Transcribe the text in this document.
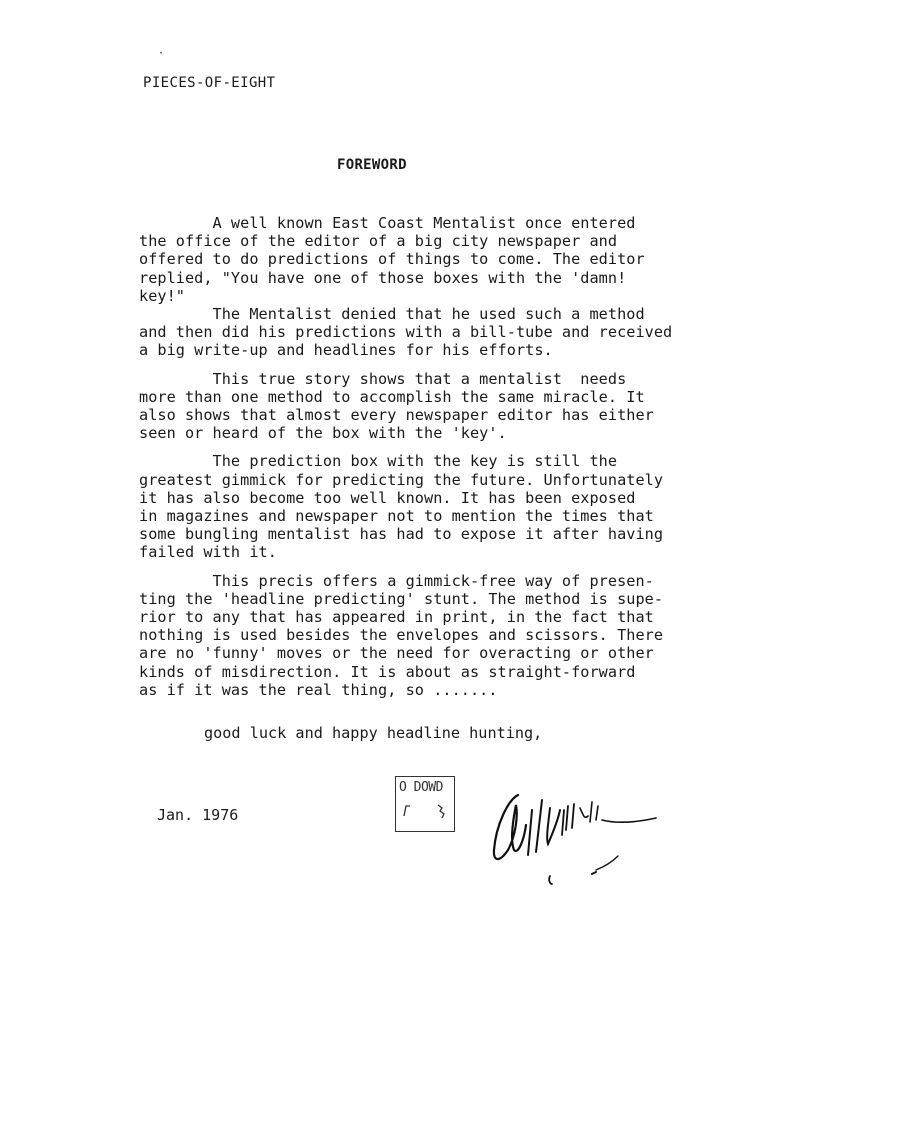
·
PIECES-OF-EIGHT
FOREWORD

A well known East Coast Mentalist once entered
the office of the editor of a big city newspaper and
offered to do predictions of things to come. The editor
replied, "You have one of those boxes with the 'damn!
key!"

The Mentalist denied that he used such a method
and then did his predictions with a bill-tube and received
a big write-up and headlines for his efforts.

This true story shows that a mentalist  needs
more than one method to accomplish the same miracle. It
also shows that almost every newspaper editor has either
seen or heard of the box with the 'key'.

The prediction box with the key is still the
greatest gimmick for predicting the future. Unfortunately
it has also become too well known. It has been exposed
in magazines and newspaper not to mention the times that
some bungling mentalist has had to expose it after having
failed with it.

This precis offers a gimmick-free way of presen-
ting the 'headline predicting' stunt. The method is supe-
rior to any that has appeared in print, in the fact that
nothing is used besides the envelopes and scissors. There
are no 'funny' moves or the need for overacting or other
kinds of misdirection. It is about as straight-forward
as if it was the real thing, so .......

good luck and happy headline hunting,
Jan. 1976
O DOWD
